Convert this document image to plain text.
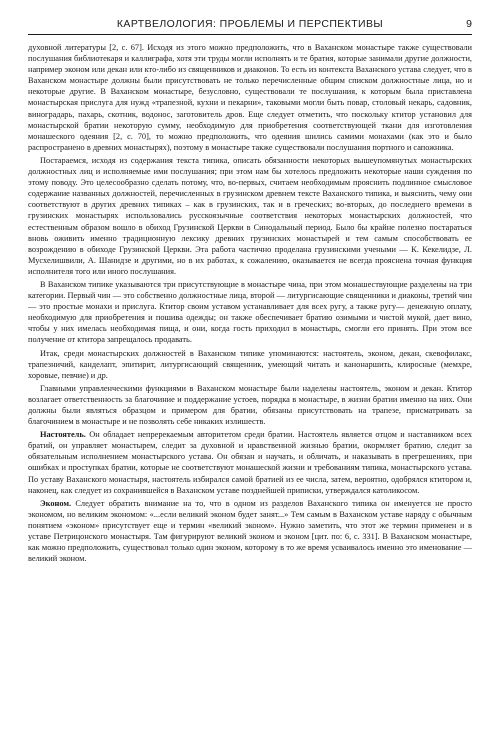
КАРТВЕЛОЛОГИЯ: ПРОБЛЕМЫ И ПЕРСПЕКТИВЫ	9

духовной литературы [2, с. 67]. Исходя из этого можно предположить, что в Ваханском монастыре также существовали послушания библиотекаря и каллиграфа, хотя эти труды могли исполнять и те братия, которые занимали другие должности, например эконом или декан или кто-либо из священников и диаконов. То есть из контекста Ваханского устава следует, что в Ваханском монастыре должны были присутствовать не только перечисленные общим списком должностные лица, но и некоторые другие. В Ваханском монастыре, безусловно, существовали те послушания, к которым была приставлена монастырская прислуга для нужд «трапезной, кухни и пекарни», таковыми могли быть повар, столовый некарь, садовник, виноградарь, пахарь, скотник, водонос, заготовитель дров. Еще следует отметить, что поскольку ктитор установил для монастырской братии некоторую сумму, необходимую для приобретения соответствующей ткани для изготовления монашеского одеяния [2, с. 70], то можно предположить, что одеяния шились самими монахами (как это и было распространено в древних монастырях), поэтому в монастыре также существовали послушания портного и сапожника.

Постараемся, исходя из содержания текста типика, описать обязанности некоторых вышеупомянутых монастырских должностных лиц и исполняемые ими послушания; при этом нам бы хотелось предложить некоторые наши суждения по этому поводу. Это целесообразно сделать потому, что, во-первых, считаем необходимым прояснить подлинное смысловое содержание названных должностей, перечисленных в грузинском древнем тексте Ваханского типика, и выяснить, чему они соответствуют в других древних типиках – как в грузинских, так и в греческих; во-вторых, до последнего времени в грузинских монастырях использовались русскоязычные соответствия некоторых монастырских должностей, что естественным образом вошло в обиход Грузинской Церкви в Синодальный период. Было бы крайне полезно постараться вновь оживить именно традиционную лексику древних грузинских монастырей и тем самым способствовать ее возрождению в обиходе Грузинской Церкви. Эта работа частично проделана грузинскими учеными — К. Кекелидзе, Л. Мусхелишвили, А. Шанидзе и другими, но в их работах, к сожалению, оказывается не всегда прояснена точная функция исполнителя того или иного послушания.

В Ваханском типике указываются три присутствующие в монастыре чина, при этом монашествующие разделены на три категории. Первый чин — это собственно должностные лица, второй — литургисающие священники и диаконы, третий чин — это простые монахи и прислуга. Ктитор своим уставом устанавливает для всех ругу, а также ругу— денежную оплату, необходимую для приобретения и пошива одежды; он также обеспечивает братию озимыми и чистой мукой, дает вино, чтобы у них имелась необходимая пища, и они, когда гость приходил в монастырь, смогли его принять. При этом все получение от ктитора запрещалось продавать.

Итак, среди монастырских должностей в Ваханском типике упоминаются: настоятель, эконом, декан, скевофилакс, трапезничий, канделапт, эпитирит, литургисающий священник, умеющий читать и канонаршить, клиросные (мемхре, хоровые, певчие) и др.

Главными управленческими функциями в Ваханском монастыре были наделены настоятель, эконом и декан. Ктитор возлагает ответственность за благочиние и поддержание устоев, порядка в монастыре, в жизни братии именно на них. Они должны были являться образцом и примером для братии, обязаны присутствовать на трапезе, присматривать за благочинием в монастыре и не позволять себе никаких излишеств.

Настоятель. Он обладает непререкаемым авторитетом среди братии. Настоятель является отцом и наставником всех братий, он управляет монастырем, следит за духовной и нравственной жизнью братии, окормляет братию, следит за обязательным исполнением монастырского устава. Он обязан и научать, и обличать, и наказывать в прегрешениях, при ошибках и проступках братии, которые не соответствуют монашеской жизни и требованиям типика, монастырского устава. По уставу Ваханского монастыря, настоятель избирался самой братией из ее числа, затем, вероятно, одобрялся ктитором и, наконец, как следует из сохранившейся в Ваханском уставе позднейшей приписки, утверждался католикосом.

Эконом. Следует обратить внимание на то, что в одном из разделов Ваханского типика он именуется не просто экономом, но великим экономом: «...если великий эконом будет занят...» Тем самым в Ваханском уставе наряду с обычным понятием «эконом» присутствует еще и термин «великий эконом». Нужно заметить, что этот же термин применен и в уставе Петрицонского монастыря. Там фигурируют великий эконом и эконом [цит. по: 6, с. 331]. В Ваханском монастыре, как можно предположить, существовал только один эконом, которому в то же время усваивалось именно это именование — великий эконом.
